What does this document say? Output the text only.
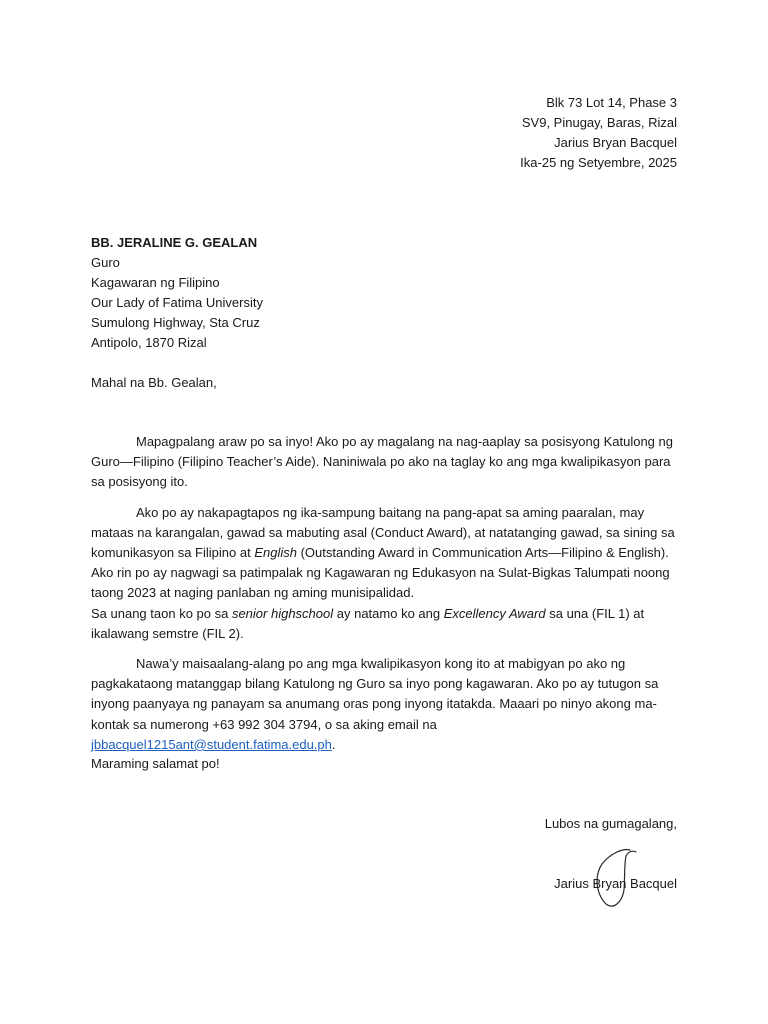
Blk 73 Lot 14, Phase 3
SV9, Pinugay, Baras, Rizal
Jarius Bryan Bacquel
Ika-25 ng Setyembre, 2025
BB. JERALINE G. GEALAN
Guro
Kagawaran ng Filipino
Our Lady of Fatima University
Sumulong Highway, Sta Cruz
Antipolo, 1870 Rizal
Mahal na Bb. Gealan,

Mapagpalang araw po sa inyo! Ako po ay magalang na nag-aaplay sa posisyong Katulong ng Guro—Filipino (Filipino Teacher’s Aide). Naniniwala po ako na taglay ko ang mga kwalipikasyon para sa posisyong ito.

Ako po ay nakapagtapos ng ika-sampung baitang na pang-apat sa aming paaralan, may mataas na karangalan, gawad sa mabuting asal (Conduct Award), at natatanging gawad, sa sining sa komunikasyon sa Filipino at English (Outstanding Award in Communication Arts—Filipino & English). Ako rin po ay nagwagi sa patimpalak ng Kagawaran ng Edukasyon na Sulat-Bigkas Talumpati noong taong 2023 at naging panlaban ng aming munisipalidad.
Sa unang taon ko po sa senior highschool ay natamo ko ang Excellency Award sa una (FIL 1) at ikalawang semstre (FIL 2).

Nawa’y maisaalang-alang po ang mga kwalipikasyon kong ito at mabigyan po ako ng pagkakataong matanggap bilang Katulong ng Guro sa inyo pong kagawaran. Ako po ay tutugon sa inyong paanyaya ng panayam sa anumang oras pong inyong itatakda. Maaari po ninyo akong ma-kontak sa numerong +63 992 304 3794, o sa aking email na jbbacquel1215ant@student.fatima.edu.ph.

Maraming salamat po!
Lubos na gumagalang,
Jarius Bryan Bacquel
